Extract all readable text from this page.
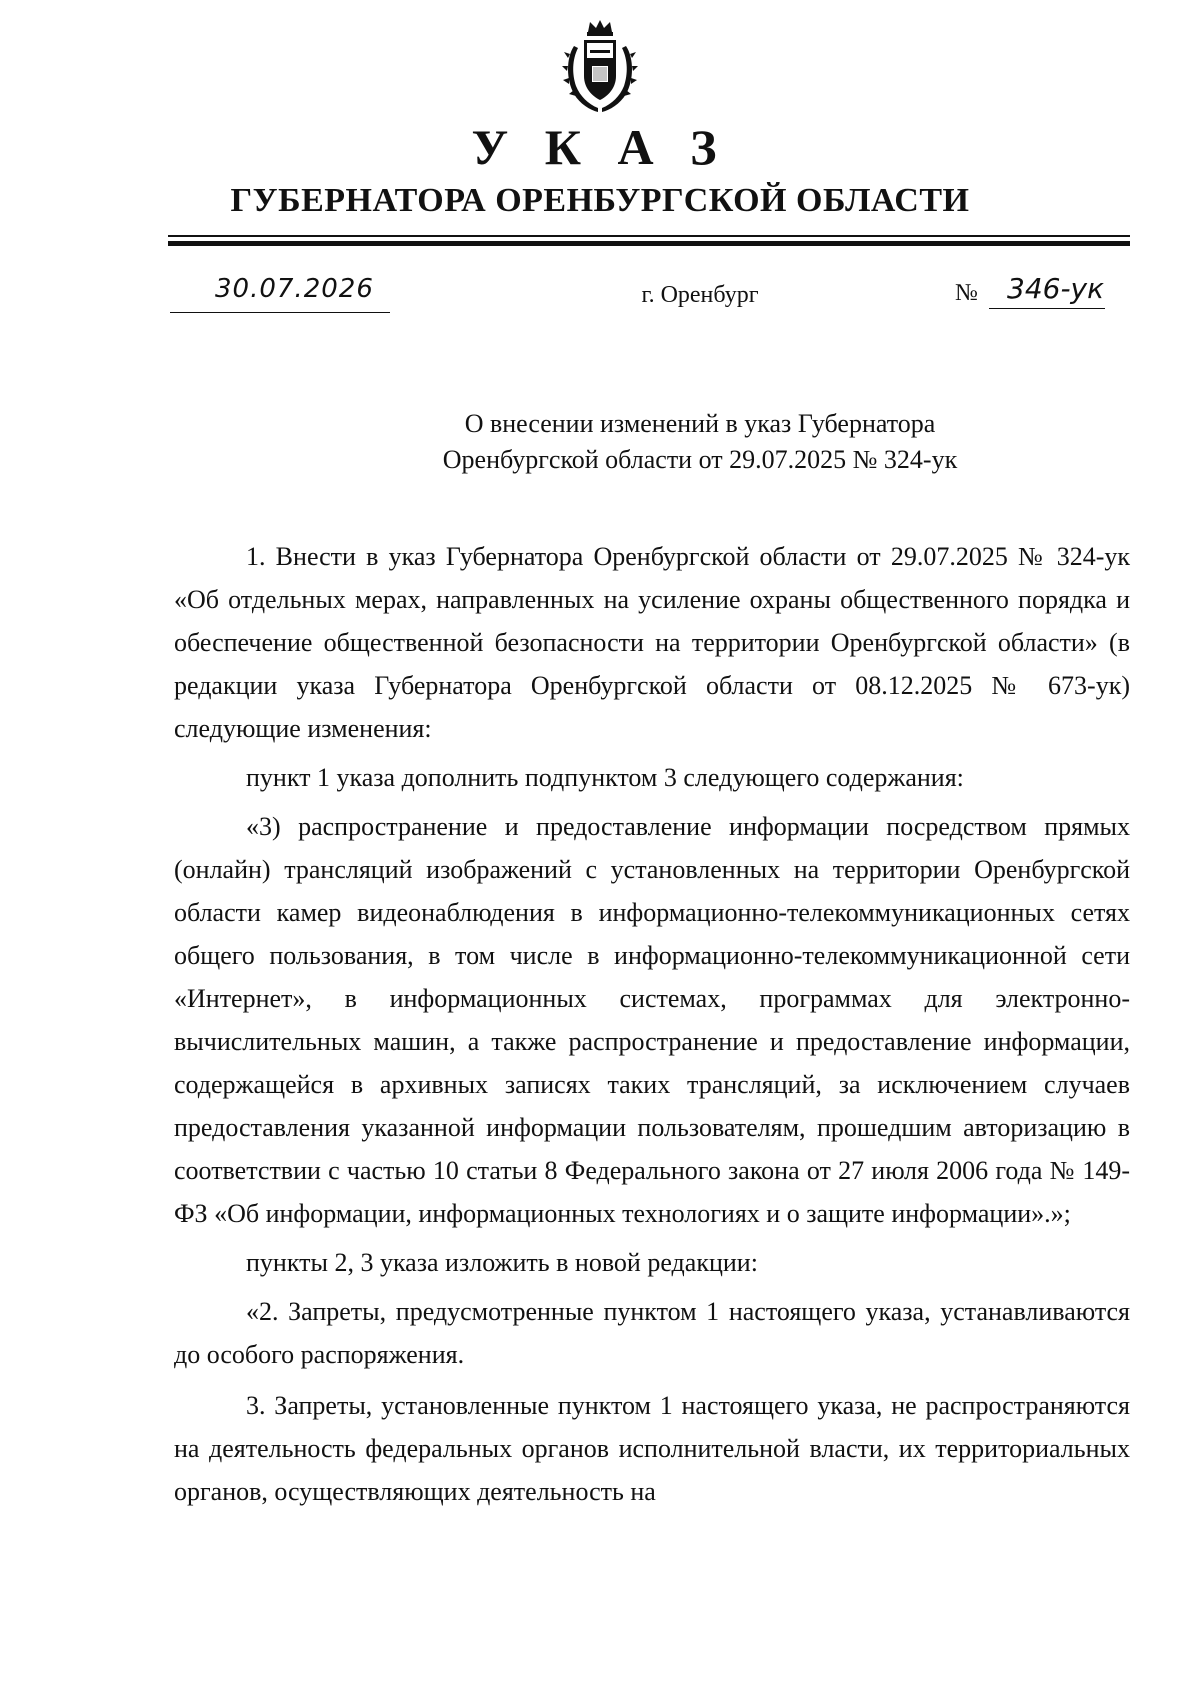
У К А З
ГУБЕРНАТОРА ОРЕНБУРГСКОЙ ОБЛАСТИ
30.07.2026	г. Оренбург	№ 346-ук
О внесении изменений в указ Губернатора
Оренбургской области от 29.07.2025 № 324-ук

1. Внести в указ Губернатора Оренбургской области от 29.07.2025 № 324-ук «Об отдельных мерах, направленных на усиление охраны общественного порядка и обеспечение общественной безопасности на территории Оренбургской области» (в редакции указа Губернатора Оренбургской области от 08.12.2025 № 673-ук) следующие изменения:

пункт 1 указа дополнить подпунктом 3 следующего содержания:

«3) распространение и предоставление информации посредством прямых (онлайн) трансляций изображений с установленных на территории Оренбургской области камер видеонаблюдения в информационно-телекоммуникационных сетях общего пользования, в том числе в информационно-телекоммуникационной сети «Интернет», в информационных системах, программах для электронно-вычислительных машин, а также распространение и предоставление информации, содержащейся в архивных записях таких трансляций, за исключением случаев предоставления указанной информации пользователям, прошедшим авторизацию в соответствии с частью 10 статьи 8 Федерального закона от 27 июля 2006 года № 149-ФЗ «Об информации, информационных технологиях и о защите информации».»;

пункты 2, 3 указа изложить в новой редакции:

«2. Запреты, предусмотренные пунктом 1 настоящего указа, устанавливаются до особого распоряжения.

3. Запреты, установленные пунктом 1 настоящего указа, не распространяются на деятельность федеральных органов исполнительной власти, их территориальных органов, осуществляющих деятельность на
